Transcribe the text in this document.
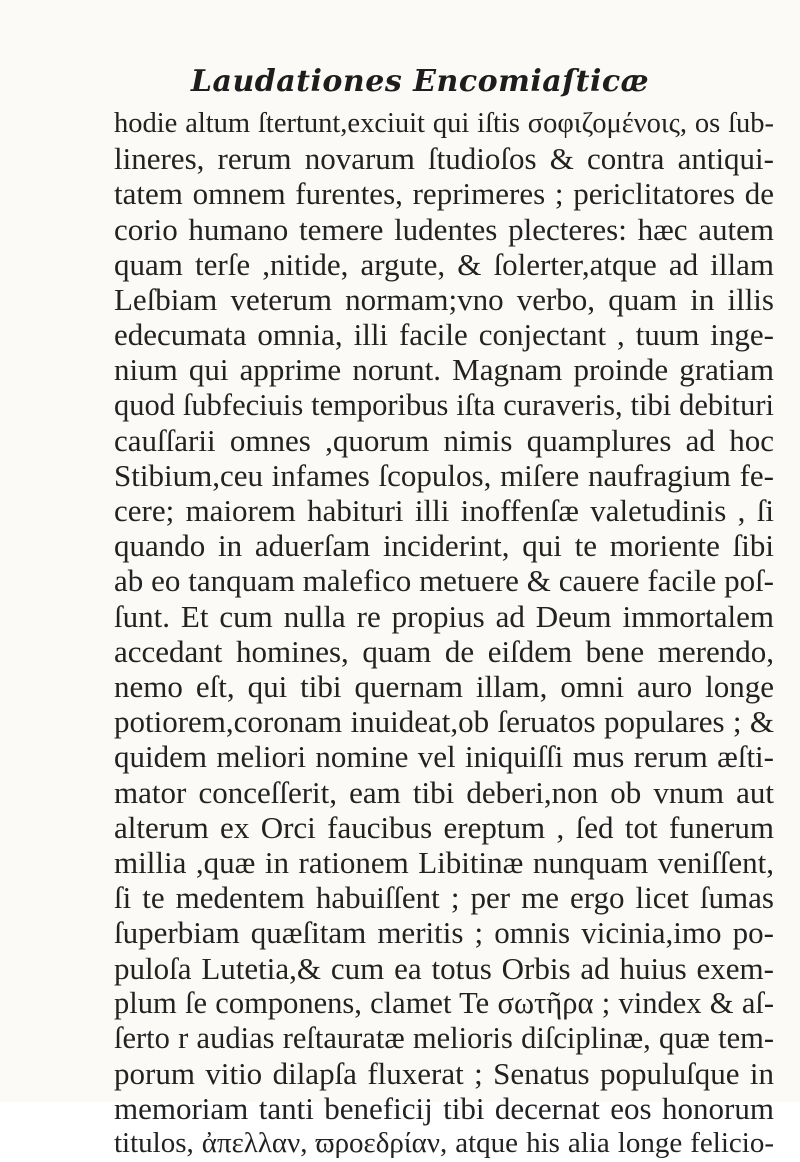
Laudationes Encomiaſticæ
hodie altum ſtertunt,exciuit qui iſtis σοφιζομένοις, os ſub-
lineres, rerum novarum ſtudioſos & contra antiqui-
tatem omnem furentes, reprimeres ; periclitatores de
corio humano temere ludentes plecteres: hæc autem
quam terſe ,nitide, argute, & ſolerter,atque ad illam
Leſbiam veterum normam;vno verbo, quam in illis
edecumata omnia, illi facile conjectant , tuum inge-
nium qui apprime norunt. Magnam proinde gratiam
quod ſubfeciuis temporibus iſta curaveris, tibi debituri
cauſſarii omnes ,quorum nimis quamplures ad hoc
Stibium,ceu infames ſcopulos, miſere naufragium fe-
cere; maiorem habituri illi inoffenſæ valetudinis , ſi
quando in aduerſam inciderint, qui te moriente ſibi
ab eo tanquam malefico metuere & cauere facile poſ-
ſunt. Et cum nulla re propius ad Deum immortalem
accedant homines, quam de eiſdem bene merendo,
nemo eſt, qui tibi quernam illam, omni auro longe
potiorem,coronam inuideat,ob ſeruatos populares ; &
quidem meliori nomine vel iniquiſſi mus rerum æſti-
mator conceſſerit, eam tibi deberi,non ob vnum aut
alterum ex Orci faucibus ereptum , ſed tot funerum
millia ,quæ in rationem Libitinæ nunquam veniſſent,
ſi te medentem habuiſſent ; per me ergo licet ſumas
ſuperbiam quæſitam meritis ; omnis vicinia,imo po-
puloſa Lutetia,& cum ea totus Orbis ad huius exem-
plum ſe componens, clamet Te σωτῆρα ; vindex & aſ-
ſerto r audias reſtauratæ melioris diſciplinæ, quæ tem-
porum vitio dilapſa fluxerat ; Senatus populuſque in
memoriam tanti beneficij tibi decernat eos honorum
titulos, ἀπελλαν, ϖροεδρίαν, atque his alia longe felicio-
